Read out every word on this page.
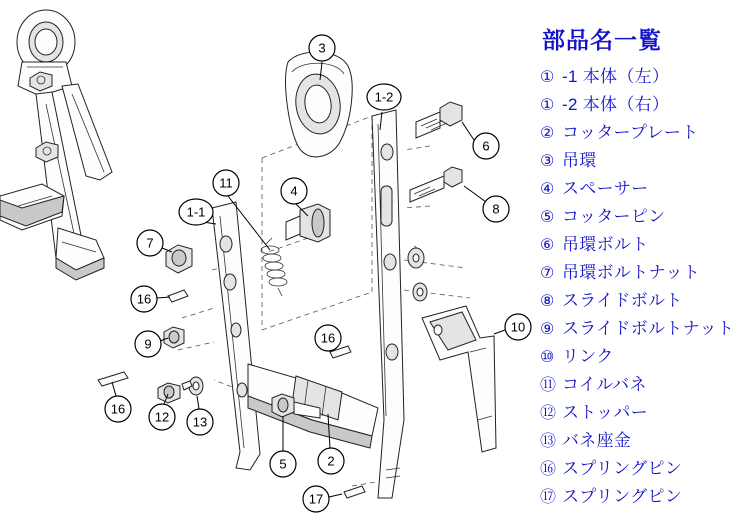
3
1-2
6
8
11
4
1-1
7
16
9	16
10
16
12 13
5	2
17
部品名一覧
① -1 本体（左）
① -2 本体（右）
② コッタープレート
③ 吊環
④ スペーサー
⑤ コッターピン
⑥ 吊環ボルト
⑦ 吊環ボルトナット
⑧ スライドボルト
⑨ スライドボルトナット
⑩ リンク
⑪ コイルバネ
⑫ ストッパー
⑬ バネ座金
⑯ スプリングピン
⑰ スプリングピン
